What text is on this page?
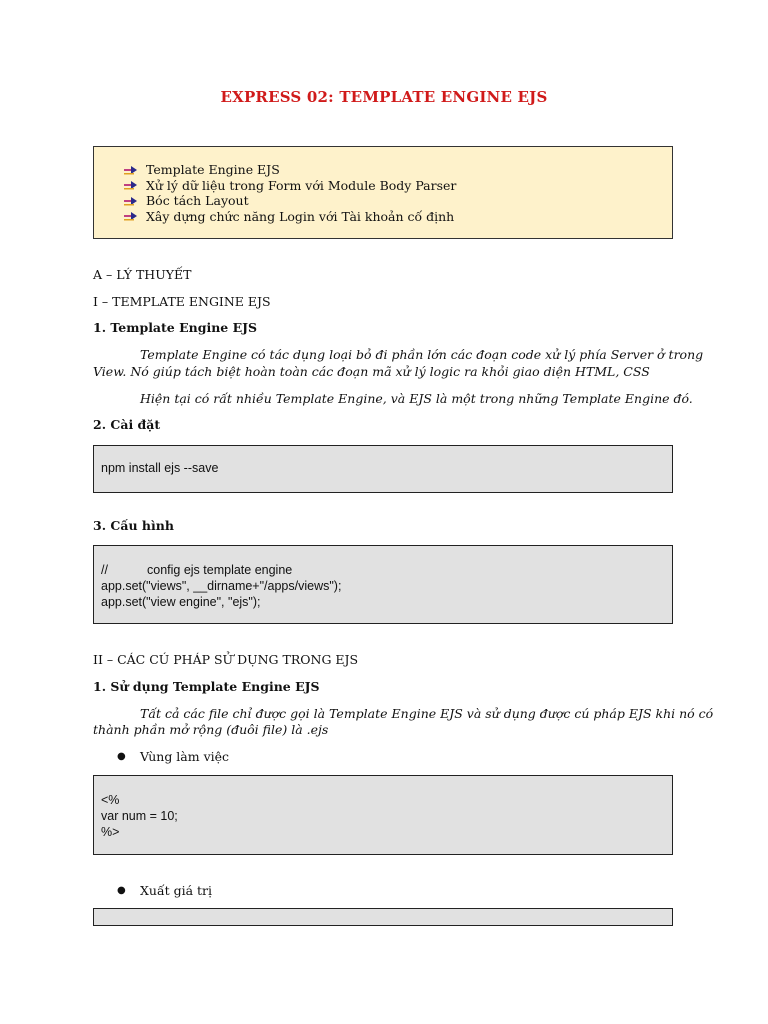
EXPRESS 02: TEMPLATE ENGINE EJS
Template Engine EJS
Xử lý dữ liệu trong Form với Module Body Parser
Bóc tách Layout
Xây dựng chức năng Login với Tài khoản cố định
A – LÝ THUYẾT
I – TEMPLATE ENGINE EJS
1. Template Engine EJS
Template Engine có tác dụng loại bỏ đi phần lớn các đoạn code xử lý phía Server ở trong
View. Nó giúp tách biệt hoàn toàn các đoạn mã xử lý logic ra khỏi giao diện HTML, CSS
Hiện tại có rất nhiều Template Engine, và EJS là một trong những Template Engine đó.
2. Cài đặt
npm install ejs --save
3. Cấu hình
//	config ejs template engine
app.set("views", __dirname+"/apps/views");
app.set("view engine", "ejs");
II – CÁC CÚ PHÁP SỬ DỤNG TRONG EJS
1. Sử dụng Template Engine EJS
Tất cả các file chỉ được gọi là Template Engine EJS và sử dụng được cú pháp EJS khi nó có
thành phần mở rộng (đuôi file) là .ejs
● Vùng làm việc
<%
var num = 10;
%>
● Xuất giá trị
